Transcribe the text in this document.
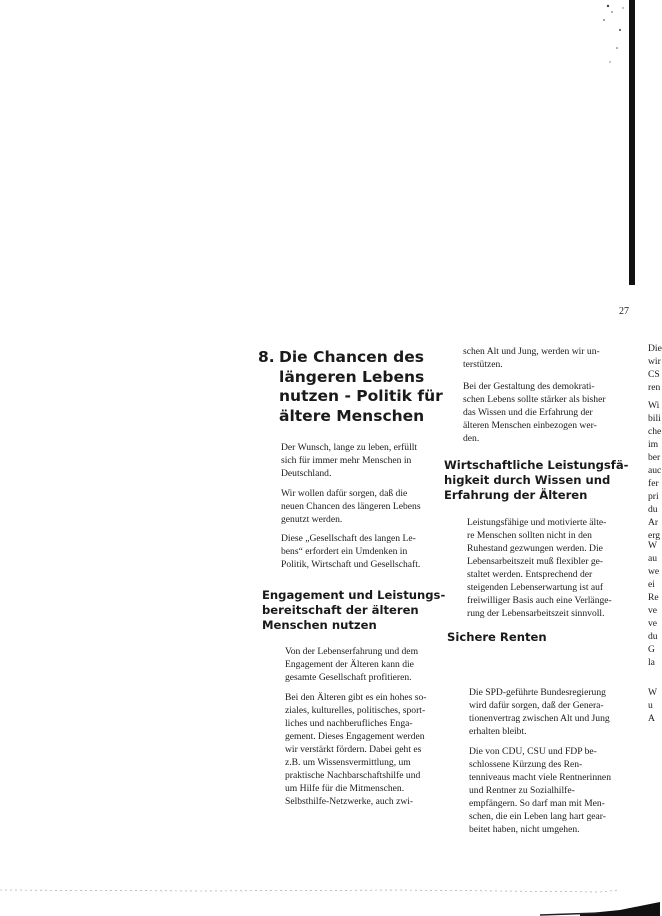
27
8. Die Chancen des
längeren Lebens
nutzen - Politik für
ältere Menschen

Der Wunsch, lange zu leben, erfüllt
sich für immer mehr Menschen in
Deutschland.

Wir wollen dafür sorgen, daß die
neuen Chancen des längeren Lebens
genutzt werden.

Diese „Gesellschaft des langen Le-
bens“ erfordert ein Umdenken in
Politik, Wirtschaft und Gesellschaft.

Engagement und Leistungs-
bereitschaft der älteren
Menschen nutzen

Von der Lebenserfahrung und dem
Engagement der Älteren kann die
gesamte Gesellschaft profitieren.

Bei den Älteren gibt es ein hohes so-
ziales, kulturelles, politisches, sport-
liches und nachberufliches Enga-
gement. Dieses Engagement werden
wir verstärkt fördern. Dabei geht es
z.B. um Wissensvermittlung, um
praktische Nachbarschaftshilfe und
um Hilfe für die Mitmenschen.
Selbsthilfe-Netzwerke, auch zwi-

schen Alt und Jung, werden wir un-
terstützen.

Bei der Gestaltung des demokrati-
schen Lebens sollte stärker als bisher
das Wissen und die Erfahrung der
älteren Menschen einbezogen wer-
den.

Wirtschaftliche Leistungsfä-
higkeit durch Wissen und
Erfahrung der Älteren

Leistungsfähige und motivierte älte-
re Menschen sollten nicht in den
Ruhestand gezwungen werden. Die
Lebensarbeitszeit muß flexibler ge-
staltet werden. Entsprechend der
steigenden Lebenserwartung ist auf
freiwilliger Basis auch eine Verlänge-
rung der Lebensarbeitszeit sinnvoll.

Sichere Renten

Die SPD-geführte Bundesregierung
wird dafür sorgen, daß der Genera-
tionenvertrag zwischen Alt und Jung
erhalten bleibt.

Die von CDU, CSU und FDP be-
schlossene Kürzung des Ren-
tenniveaus macht viele Rentnerinnen
und Rentner zu Sozialhilfe-
empfängern. So darf man mit Men-
schen, die ein Leben lang hart gear-
beitet haben, nicht umgehen.

Die
wir
CS
ren
Wi
bili
che
im
ber
auc
fer
pri
du
Ar
erg
W
au
we
ei
Re
ve
ve
du
G
la
W
u
A
